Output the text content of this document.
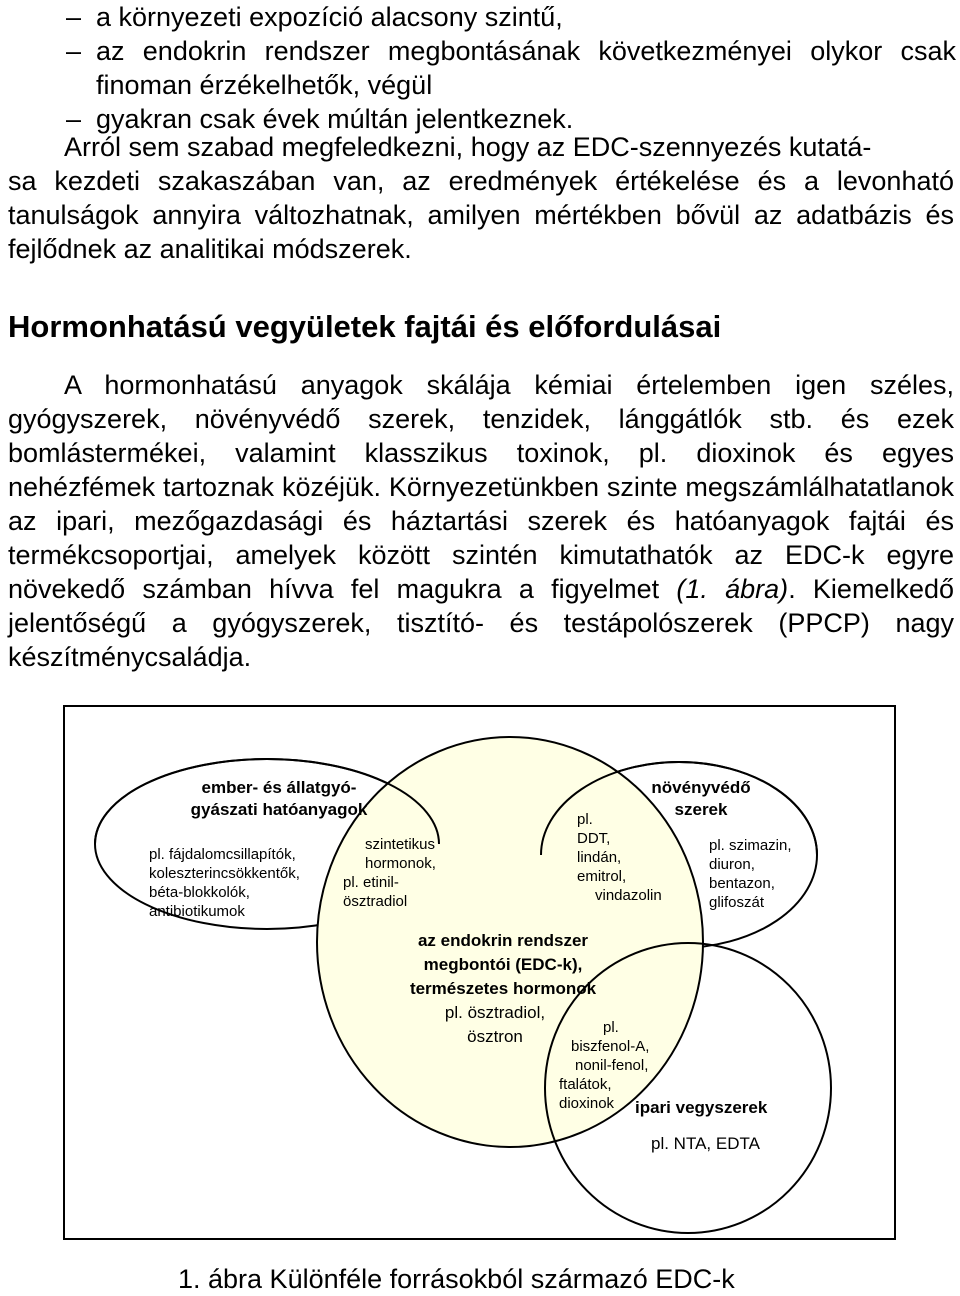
– a környezeti expozíció alacsony szintű,
– az endokrin rendszer megbontásának következményei olykor csak finoman érzékelhetők, végül
– gyakran csak évek múltán jelentkeznek.
Arról sem szabad megfeledkezni, hogy az EDC-szennyezés kutatá-
sa kezdeti szakaszában van, az eredmények értékelése és a levonható tanulságok annyira változhatnak, amilyen mértékben bővül az adatbázis és fejlődnek az analitikai módszerek.
Hormonhatású vegyületek fajtái és előfordulásai
A hormonhatású anyagok skálája kémiai értelemben igen széles, gyógyszerek, növényvédő szerek, tenzidek, lánggátlók stb. és ezek bomlástermékei, valamint klasszikus toxinok, pl. dioxinok és egyes nehézfémek tartoznak közéjük. Környezetünkben szinte megszámlálhatatlanok az ipari, mezőgazdasági és háztartási szerek és hatóanyagok fajtái és termékcsoportjai, amelyek között szintén kimutathatók az EDC-k egyre növekedő számban hívva fel magukra a figyelmet (1. ábra). Kiemelkedő jelentőségű a gyógyszerek, tisztító- és testápolószerek (PPCP) nagy készítménycsaládja.
ember- és állatgyó-
gyászati hatóanyagok
pl. fájdalomcsillapítók,
koleszterincsökkentők,
béta-blokkolók,
antibiotikumok
szintetikus
hormonok,
pl. etinil-
ösztradiol
növényvédő
szerek
pl. szimazin,
diuron,
bentazon,
glifoszát
pl.
DDT,
lindán,
emitrol,
vindazolin
az endokrin rendszer
megbontói (EDC-k),
természetes hormonok
pl. ösztradiol,
ösztron	pl.
biszfenol-A,
nonil-fenol,
ftalátok,
dioxinok	ipari vegyszerek
pl. NTA, EDTA
1. ábra Különféle forrásokból származó EDC-k
